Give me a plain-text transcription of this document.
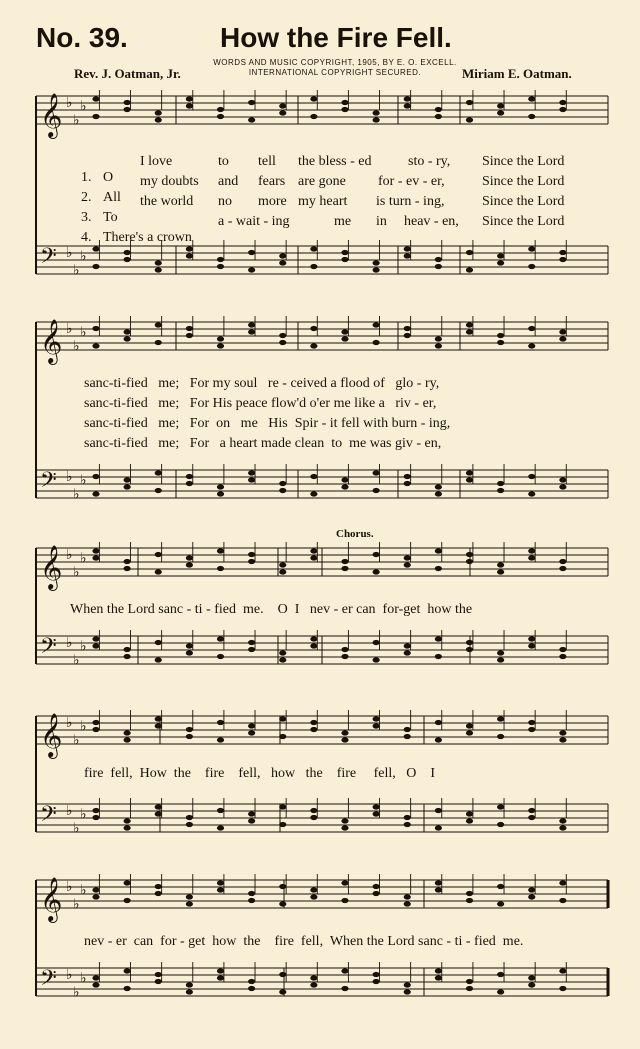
No. 39.	How the Fire Fell.
WORDS AND MUSIC COPYRIGHT, 1905, BY E. O. EXCELL.
INTERNATIONAL COPYRIGHT SECURED.
Rev. J. Oatman, Jr.	Miriam E. Oatman.
Chorus.
𝄞 ♭
♭
♭
𝄢 ♭
♭
♭
𝄞 ♭
♭
♭
𝄢 ♭
♭
♭
𝄞 ♭
♭
♭
𝄢 ♭
♭
♭
𝄞 ♭
♭
♭
𝄢 ♭
♭
♭
𝄞 ♭
♭
♭
𝄢 ♭
♭
♭

1. O

2. All

3. To

4. There's a crown

I love	to tell the bless - ed	sto - ry, Since the Lord
my doubts and fears are gone for - ev - er,	Since the Lord
the world no more my heart is turn - ing,	Since the Lord
a - wait - ing	me in heav - en, Since the Lord
sanc-ti-fied   me;   For my soul   re - ceived a flood of   glo - ry,
sanc-ti-fied   me;   For His peace flow'd o'er me like a   riv - er,
sanc-ti-fied   me;   For  on   me   His  Spir - it fell with burn - ing,
sanc-ti-fied   me;   For   a heart made clean  to  me was giv - en,
When the Lord sanc - ti - fied  me.    O  I   nev - er can  for-get  how the
fire  fell,  How  the    fire    fell,   how   the    fire     fell,   O    I
nev - er  can  for - get  how  the    fire  fell,  When the Lord sanc - ti - fied  me.
